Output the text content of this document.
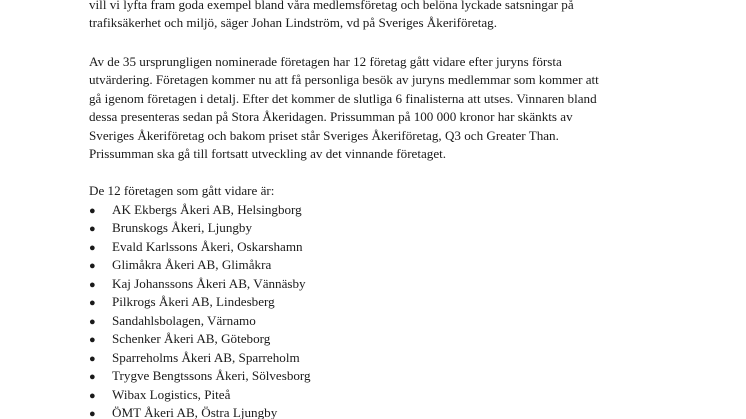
vill vi lyfta fram goda exempel bland våra medlemsföretag och belöna lyckade satsningar på
trafiksäkerhet och miljö, säger Johan Lindström, vd på Sveriges Åkeriföretag.
Av de 35 ursprungligen nominerade företagen har 12 företag gått vidare efter juryns första
utvärdering. Företagen kommer nu att få personliga besök av juryns medlemmar som kommer att
gå igenom företagen i detalj. Efter det kommer de slutliga 6 finalisterna att utses. Vinnaren bland
dessa presenteras sedan på Stora Åkeridagen. Prissumman på 100 000 kronor har skänkts av
Sveriges Åkeriföretag och bakom priset står Sveriges Åkeriföretag, Q3 och Greater Than.
Prissumman ska gå till fortsatt utveckling av det vinnande företaget.
De 12 företagen som gått vidare är:
● AK Ekbergs Åkeri AB, Helsingborg
● Brunskogs Åkeri, Ljungby
● Evald Karlssons Åkeri, Oskarshamn
● Glimåkra Åkeri AB, Glimåkra
● Kaj Johanssons Åkeri AB, Vännäsby
● Pilkrogs Åkeri AB, Lindesberg
● Sandahlsbolagen, Värnamo
● Schenker Åkeri AB, Göteborg
● Sparreholms Åkeri AB, Sparreholm
● Trygve Bengtssons Åkeri, Sölvesborg
● Wibax Logistics, Piteå
● ÖMT Åkeri AB, Östra Ljungby
